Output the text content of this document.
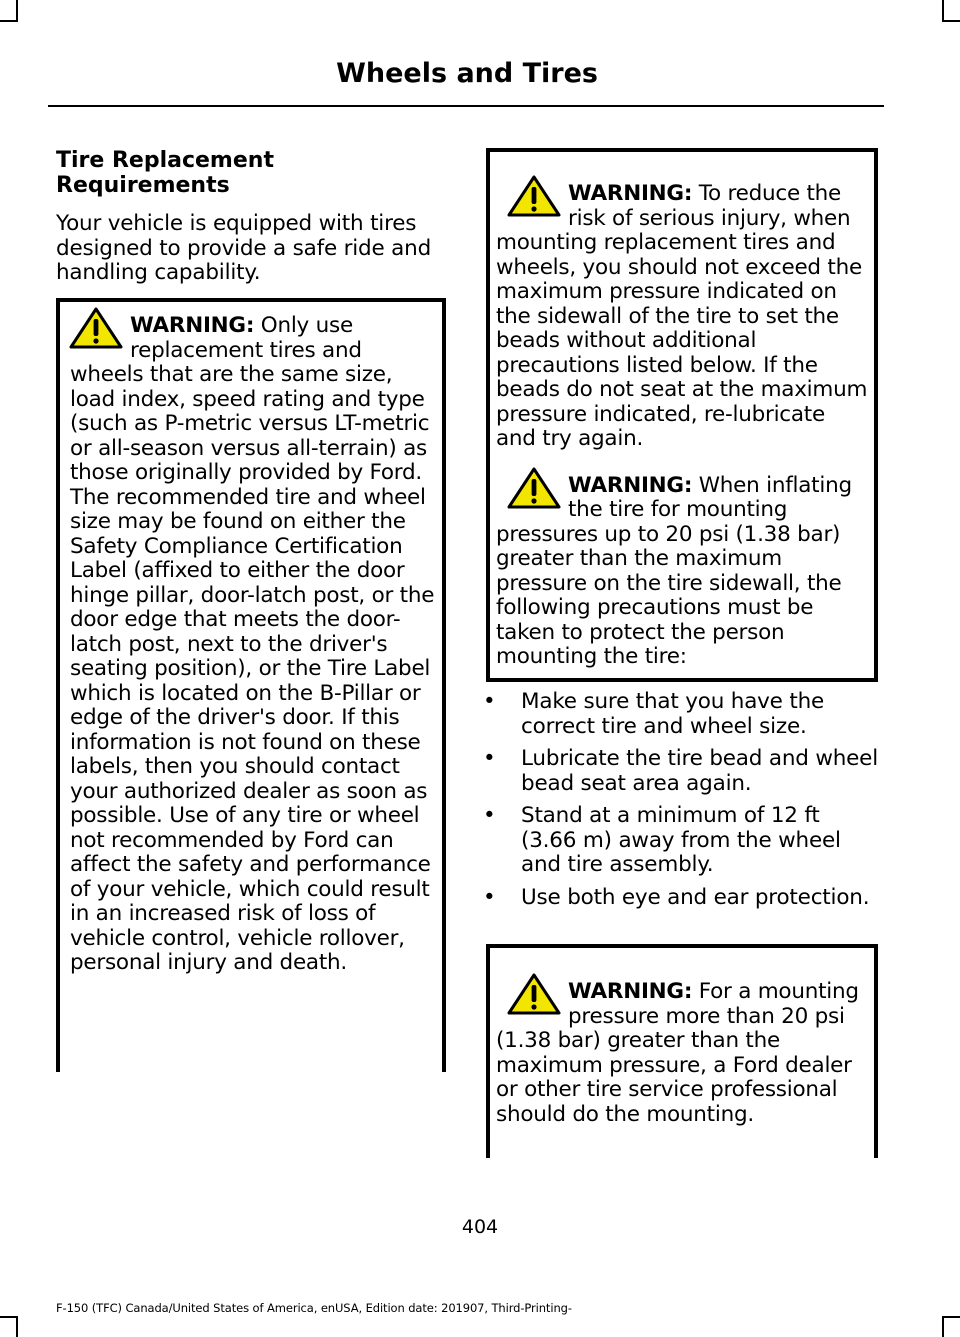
Wheels and Tires
Tire Replacement
Requirements
Your vehicle is equipped with tires designed to provide a safe ride and handling capability.

WARNING: Only use replacement tires and wheels that are the same size, load index, speed rating and type (such as P-metric versus LT-metric or all-season versus all-terrain) as those originally provided by Ford. The recommended tire and wheel size may be found on either the Safety Compliance Certification Label (affixed to either the door hinge pillar, door-latch post, or the door edge that meets the door-latch post, next to the driver's seating position), or the Tire Label which is located on the B-Pillar or edge of the driver's door. If this information is not found on these labels, then you should contact your authorized dealer as soon as possible. Use of any tire or wheel not recommended by Ford can affect the safety and performance of your vehicle, which could result in an increased risk of loss of vehicle control, vehicle rollover, personal injury and death.

WARNING: To reduce the risk of serious injury, when mounting replacement tires and wheels, you should not exceed the maximum pressure indicated on the sidewall of the tire to set the beads without additional precautions listed below. If the beads do not seat at the maximum pressure indicated, re-lubricate and try again.

WARNING: When inflating the tire for mounting pressures up to 20 psi (1.38 bar) greater than the maximum pressure on the tire sidewall, the following precautions must be taken to protect the person mounting the tire:

• Make sure that you have the correct tire and wheel size.
• Lubricate the tire bead and wheel bead seat area again.
• Stand at a minimum of 12 ft (3.66 m) away from the wheel and tire assembly.
• Use both eye and ear protection.

WARNING: For a mounting pressure more than 20 psi (1.38 bar) greater than the maximum pressure, a Ford dealer or other tire service professional should do the mounting.

404
F-150 (TFC) Canada/United States of America, enUSA, Edition date: 201907, Third-Printing-
